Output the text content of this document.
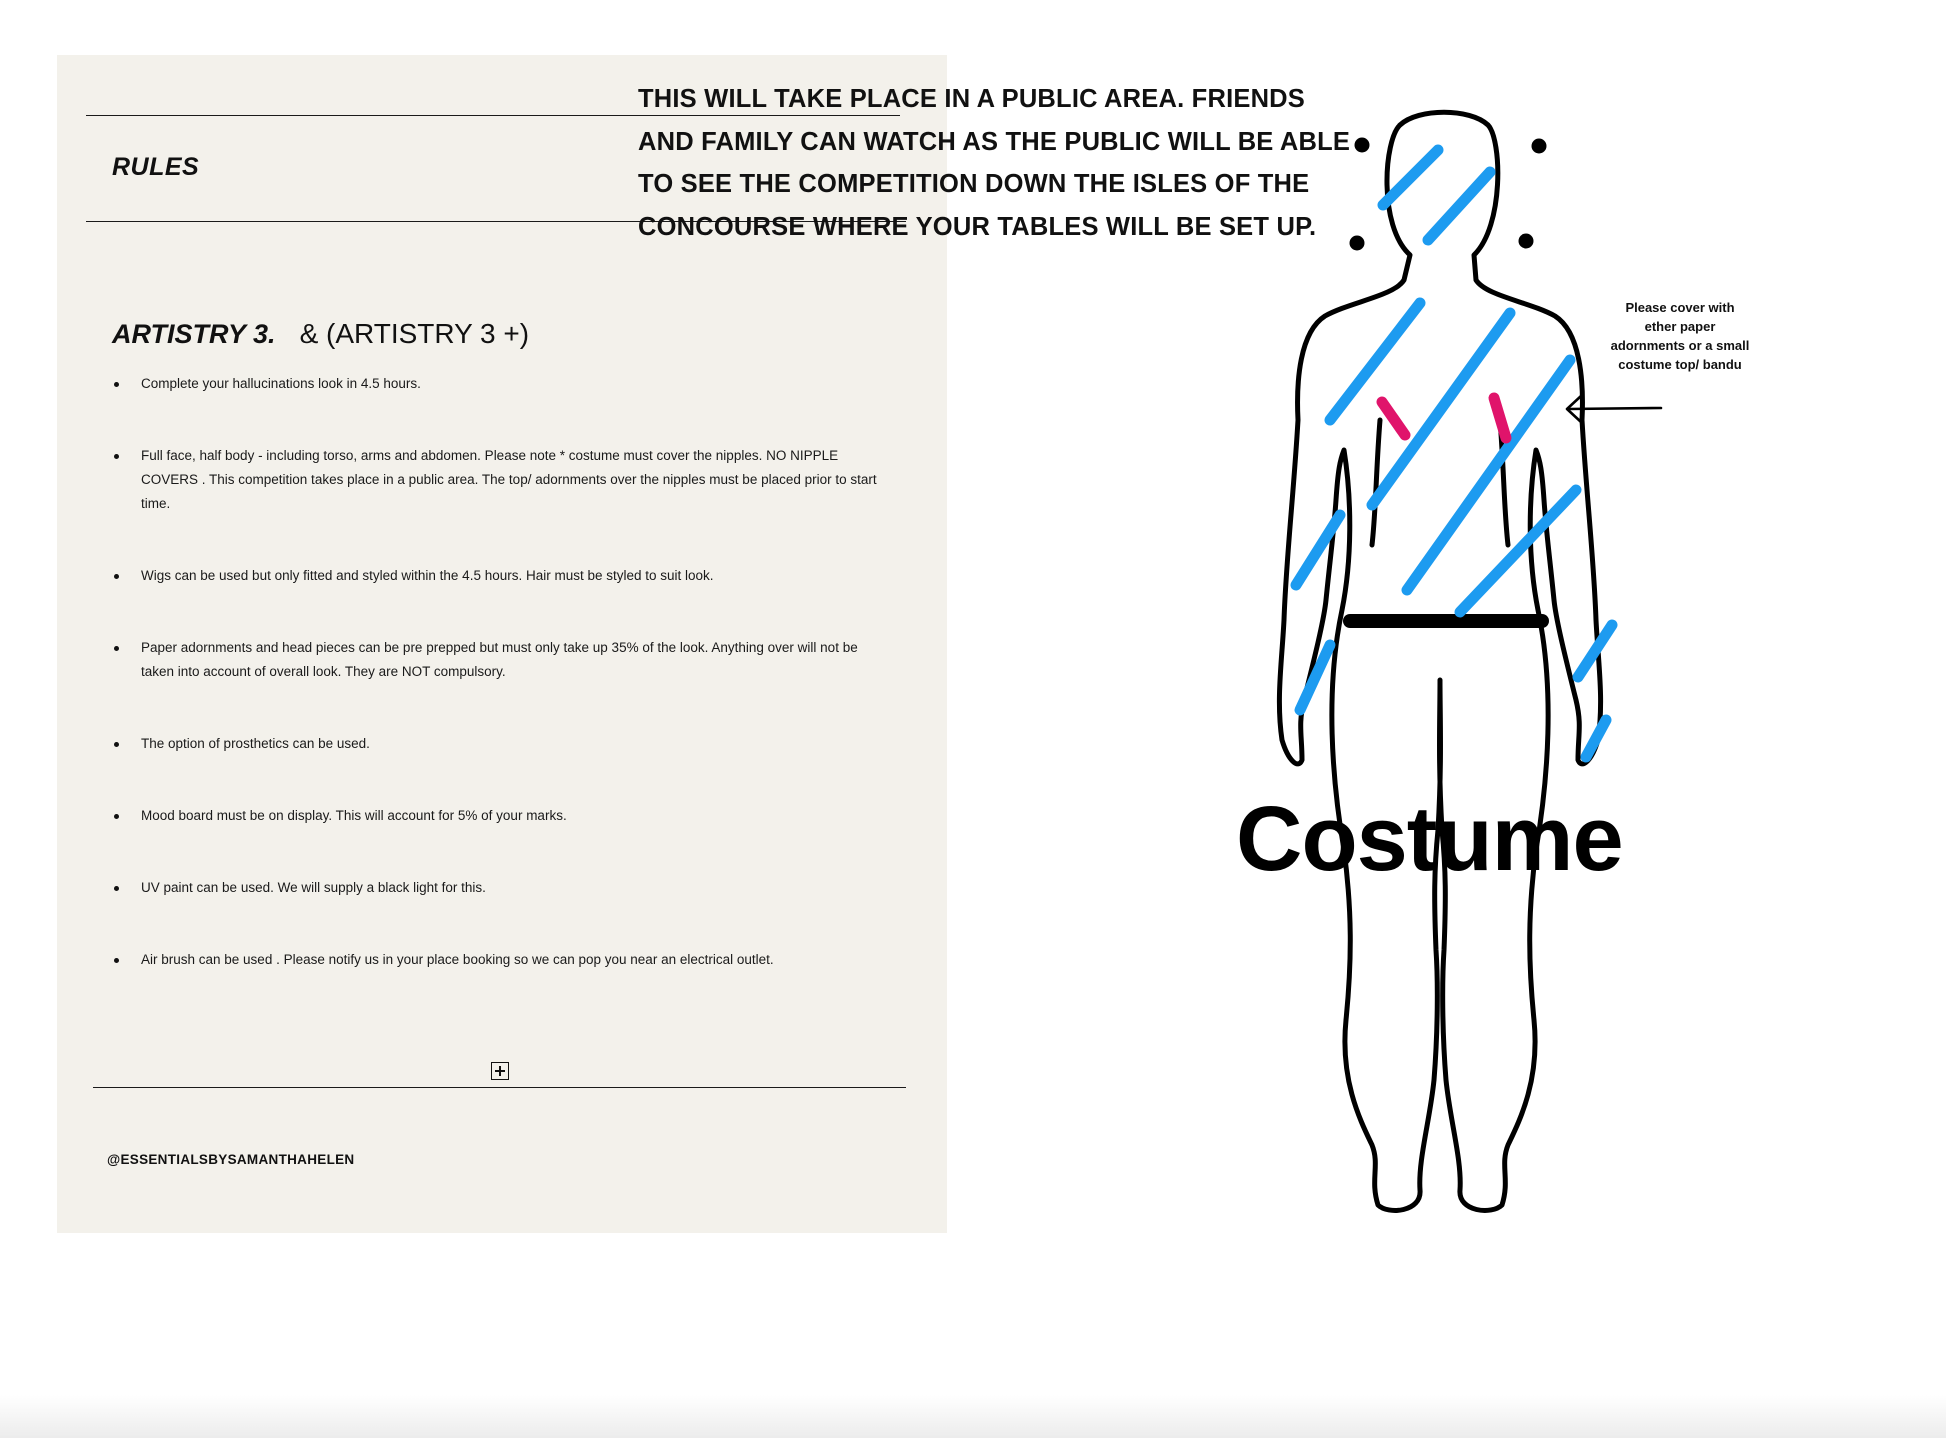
RULES
ARTISTRY 3. & (ARTISTRY 3 +)
Complete your hallucinations look in 4.5 hours.
Full face, half body - including torso, arms and abdomen. Please note * costume must cover the nipples. NO NIPPLE COVERS . This competition takes place in a public area. The top/ adornments over the nipples must be placed prior to start time.
Wigs can be used but only fitted and styled within the 4.5 hours. Hair must be styled to suit look.
Paper adornments and head pieces can be pre prepped but must only take up 35% of the look. Anything over will not be taken into account of overall look. They are NOT compulsory.
The option of prosthetics can be used.
Mood board must be on display. This will account for 5% of your marks.
UV paint can be used. We will supply a black light for this.
Air brush can be used . Please notify us in your place booking so we can pop you near an electrical outlet.
@ESSENTIALSBYSAMANTHAHELEN

THIS WILL TAKE PLACE IN A PUBLIC AREA. FRIENDS

AND FAMILY CAN WATCH AS THE PUBLIC WILL BE ABLE

TO SEE THE COMPETITION DOWN THE ISLES OF THE

CONCOURSE WHERE YOUR TABLES WILL BE SET UP.

Please cover with
ether paper
adornments or a small
costume top/ bandu
Costume
